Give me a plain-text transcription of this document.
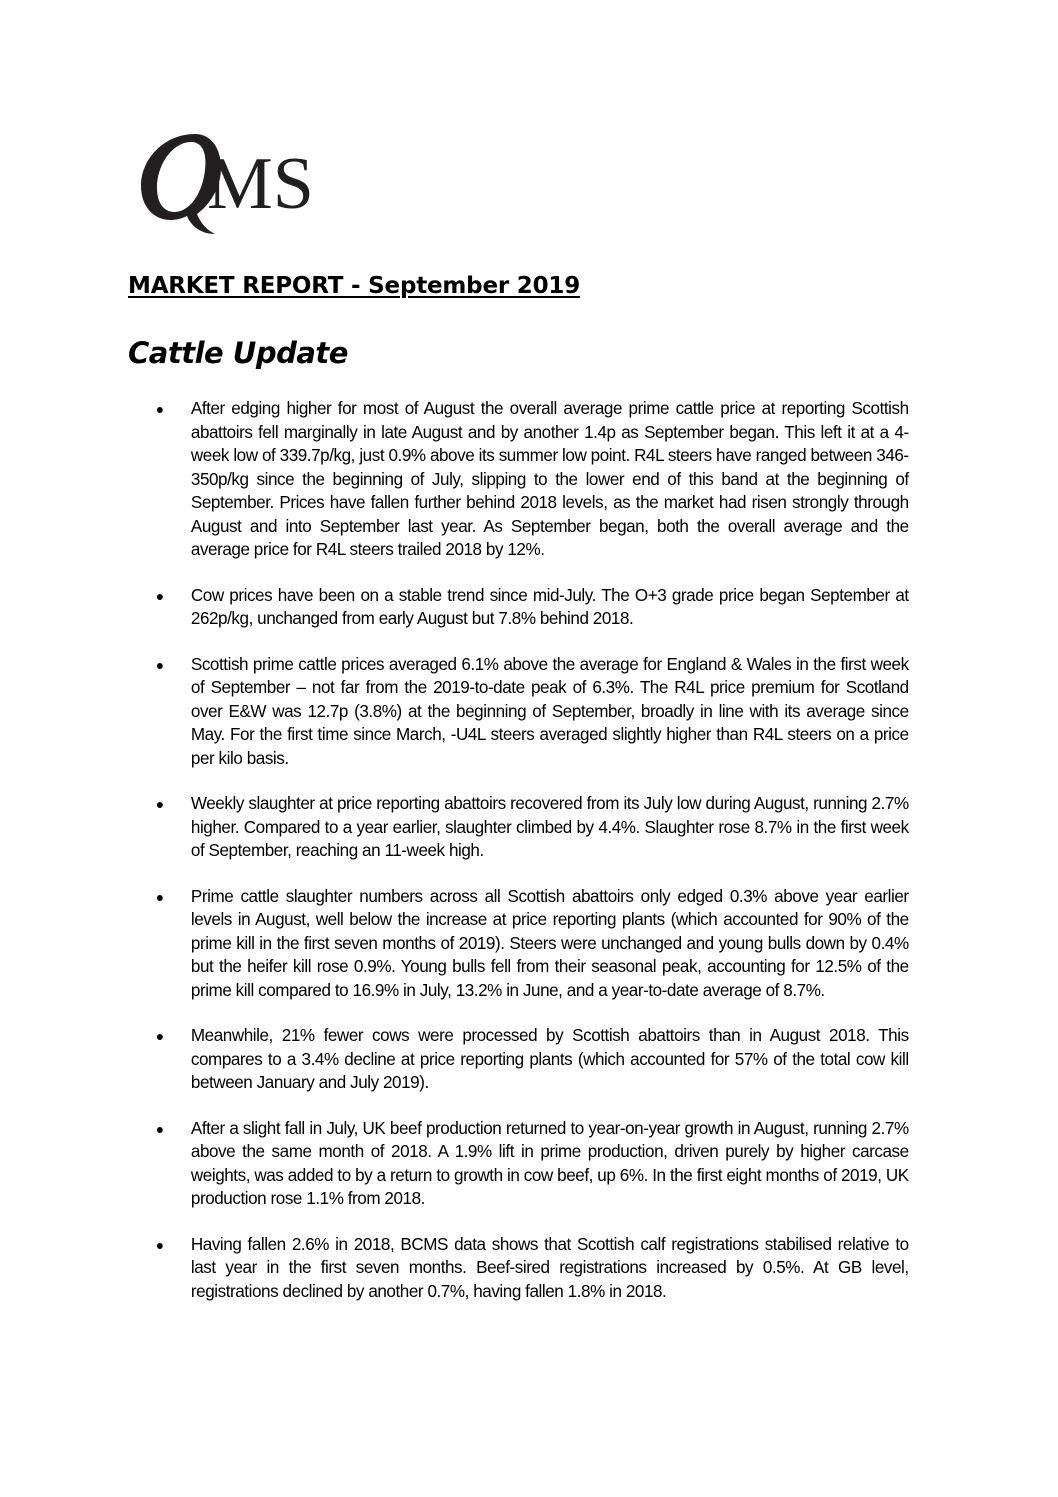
MS
MARKET REPORT - September 2019
Cattle Update
After edging higher for most of August the overall average prime cattle price at reporting Scottish abattoirs fell marginally in late August and by another 1.4p as September began. This left it at a 4-week low of 339.7p/kg, just 0.9% above its summer low point. R4L steers have ranged between 346-350p/kg since the beginning of July, slipping to the lower end of this band at the beginning of September. Prices have fallen further behind 2018 levels, as the market had risen strongly through August and into September last year. As September began, both the overall average and the average price for R4L steers trailed 2018 by 12%.
Cow prices have been on a stable trend since mid-July. The O+3 grade price began September at 262p/kg, unchanged from early August but 7.8% behind 2018.
Scottish prime cattle prices averaged 6.1% above the average for England & Wales in the first week of September – not far from the 2019-to-date peak of 6.3%. The R4L price premium for Scotland over E&W was 12.7p (3.8%) at the beginning of September, broadly in line with its average since May. For the first time since March, -U4L steers averaged slightly higher than R4L steers on a price per kilo basis.
Weekly slaughter at price reporting abattoirs recovered from its July low during August, running 2.7% higher. Compared to a year earlier, slaughter climbed by 4.4%. Slaughter rose 8.7% in the first week of September, reaching an 11-week high.
Prime cattle slaughter numbers across all Scottish abattoirs only edged 0.3% above year earlier levels in August, well below the increase at price reporting plants (which accounted for 90% of the prime kill in the first seven months of 2019). Steers were unchanged and young bulls down by 0.4% but the heifer kill rose 0.9%. Young bulls fell from their seasonal peak, accounting for 12.5% of the prime kill compared to 16.9% in July, 13.2% in June, and a year-to-date average of 8.7%.
Meanwhile, 21% fewer cows were processed by Scottish abattoirs than in August 2018. This compares to a 3.4% decline at price reporting plants (which accounted for 57% of the total cow kill between January and July 2019).
After a slight fall in July, UK beef production returned to year-on-year growth in August, running 2.7% above the same month of 2018. A 1.9% lift in prime production, driven purely by higher carcase weights, was added to by a return to growth in cow beef, up 6%. In the first eight months of 2019, UK production rose 1.1% from 2018.
Having fallen 2.6% in 2018, BCMS data shows that Scottish calf registrations stabilised relative to last year in the first seven months. Beef-sired registrations increased by 0.5%. At GB level, registrations declined by another 0.7%, having fallen 1.8% in 2018.
